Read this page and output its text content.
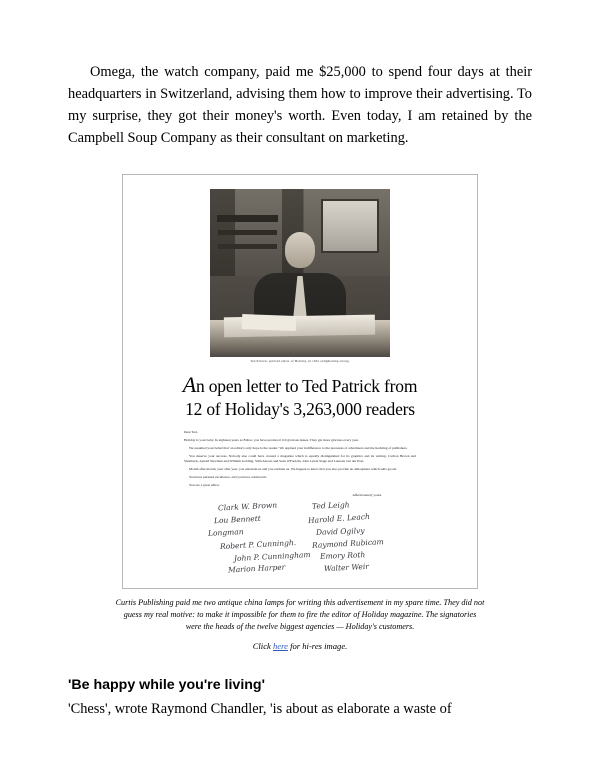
Omega, the watch company, paid me $25,000 to spend four days at their headquarters in Switzerland, advising them how to improve their advertising. To my surprise, they got their money's worth. Even today, I am retained by the Campbell Soup Company as their consultant on marketing.

Ted Patrick, spirited editor of Holiday, in 1961 enlightening strong.
An open letter to Ted Patrick from
12 of Holiday's 3,263,000 readers

Dear Ted,

Holiday is your baby. In eighteen years as Editor, you have produced 110 glorious issues. They get more glorious every year.

We assumed your belief that 'an editor's only hope is the reader.' We applaud your indifference to the pressures of advertisers and the heckling of publishers.

You deserve your success. Nobody else could have created a magazine which is equally distinguished for its graphics and its writing. Carlton Brown and Steinbeck, Arnold Newman and William Golding, Slim Aarons and Sean O'Faolain, John Lewis Stage and Laurens van der Post.

Month after month, year after year, you entertain us and you enchant us. We happen to know that you also provide an atmosphere which sells goods.

You have pursued excellence, and you have achieved it.

You are a great editor.

Affectionately yours,

Clark W. Brown	Ted Leigh
Lou Bennett	Harold E. Leach
Longman	David Ogilvy
Robert P. Cunningh. Raymond Rubicam
John P. Cunningham Emory Roth
Marion Harper	Walter Weir
Curtis Publishing paid me two antique china lamps for writing this advertisement in my spare time. They did not guess my real motive: to make it impossible for them to fire the editor of Holiday magazine. The signatories were the heads of the twelve biggest agencies — Holiday's customers.
Click here for hi-res image.
'Be happy while you're living'

'Chess', wrote Raymond Chandler, 'is about as elaborate a waste of
